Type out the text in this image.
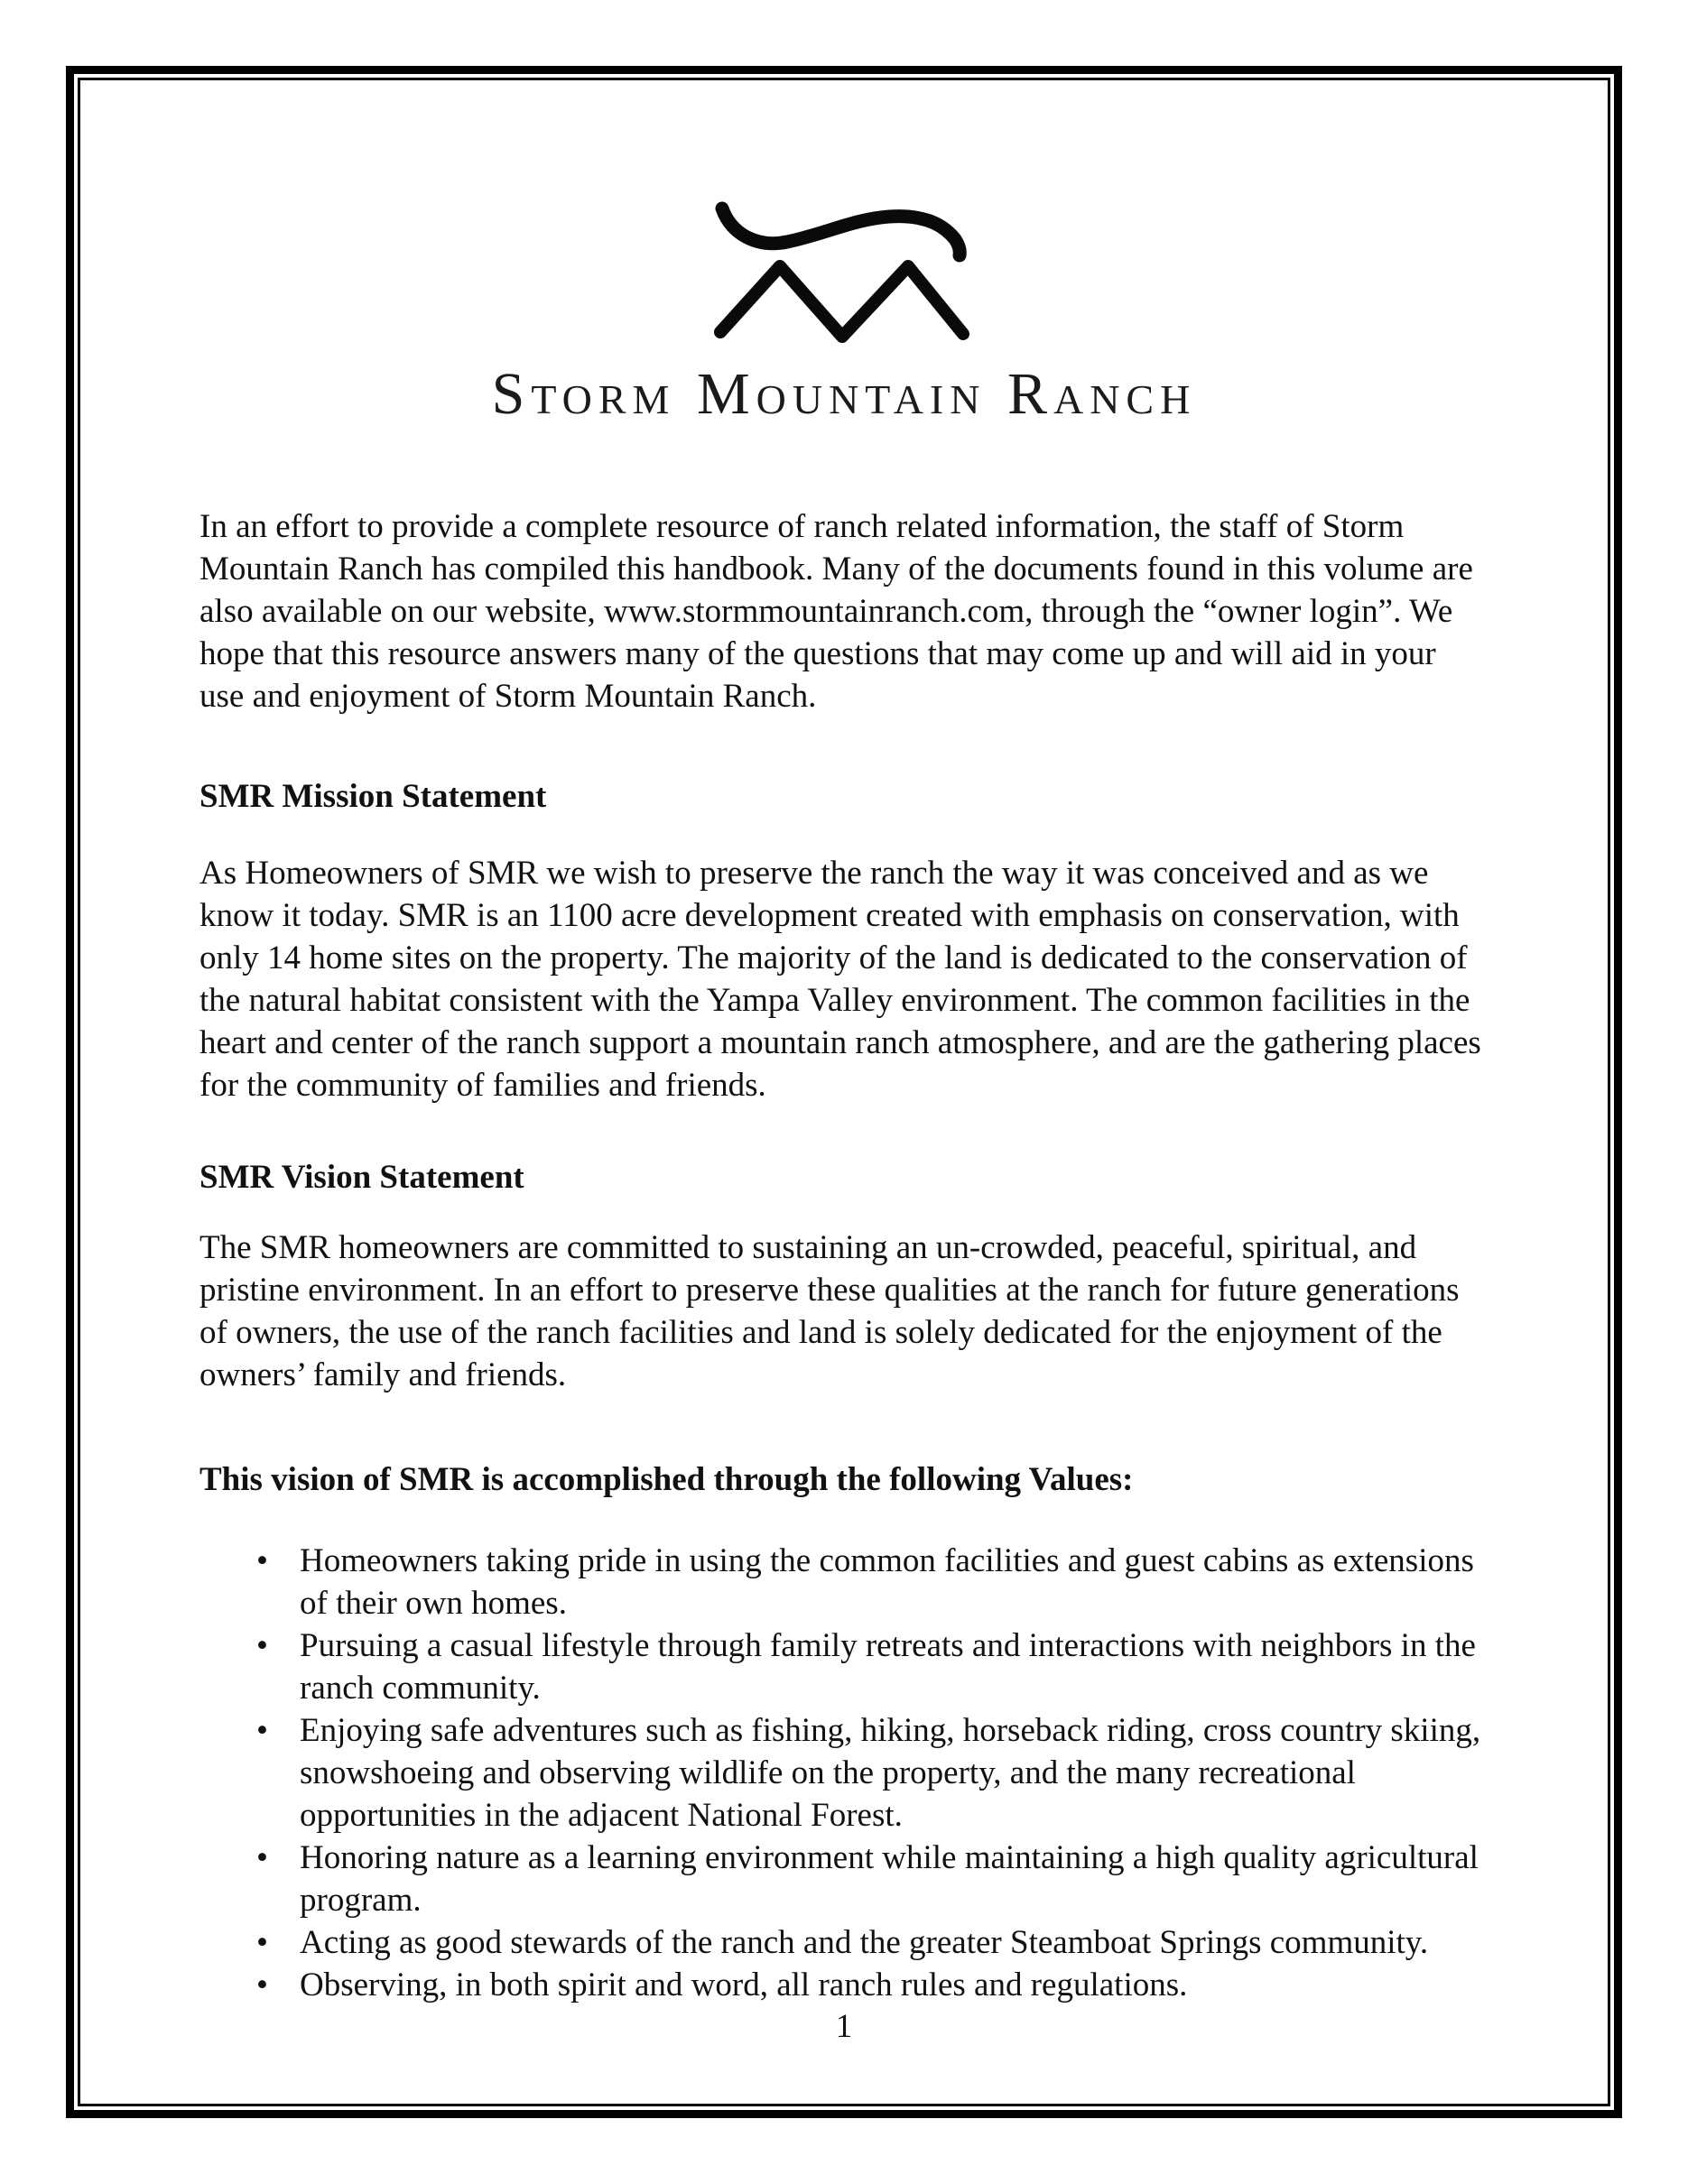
Storm Mountain Ranch

In an effort to provide a complete resource of ranch related information, the staff of Storm Mountain Ranch has compiled this handbook. Many of the documents found in this volume are also available on our website, www.stormmountainranch.com, through the “owner login”. We hope that this resource answers many of the questions that may come up and will aid in your use and enjoyment of Storm Mountain Ranch.

SMR Mission Statement

As Homeowners of SMR we wish to preserve the ranch the way it was conceived and as we know it today. SMR is an 1100 acre development created with emphasis on conservation, with only 14 home sites on the property. The majority of the land is dedicated to the conservation of the natural habitat consistent with the Yampa Valley environment. The common facilities in the heart and center of the ranch support a mountain ranch atmosphere, and are the gathering places for the community of families and friends.

SMR Vision Statement

The SMR homeowners are committed to sustaining an un-crowded, peaceful, spiritual, and pristine environment. In an effort to preserve these qualities at the ranch for future generations of owners, the use of the ranch facilities and land is solely dedicated for the enjoyment of the owners’ family and friends.

This vision of SMR is accomplished through the following Values:
• Homeowners taking pride in using the common facilities and guest cabins as extensions of their own homes.
• Pursuing a casual lifestyle through family retreats and interactions with neighbors in the ranch community.
• Enjoying safe adventures such as fishing, hiking, horseback riding, cross country skiing, snowshoeing and observing wildlife on the property, and the many recreational opportunities in the adjacent National Forest.
• Honoring nature as a learning environment while maintaining a high quality agricultural program.
• Acting as good stewards of the ranch and the greater Steamboat Springs community.
• Observing, in both spirit and word, all ranch rules and regulations.
1
